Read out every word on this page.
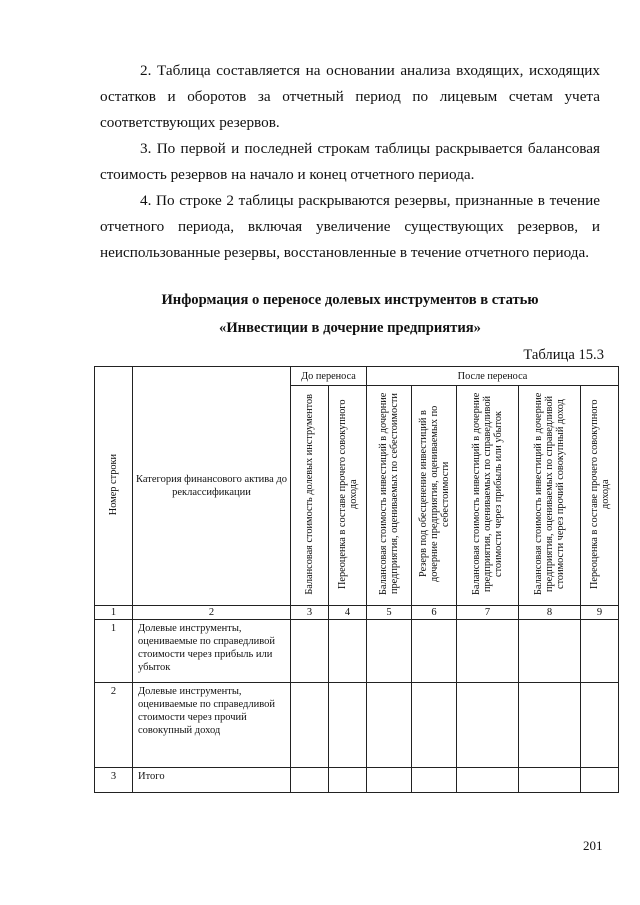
2. Таблица составляется на основании анализа входящих, исходящих остатков и оборотов за отчетный период по лицевым счетам учета соответствующих резервов.

3. По первой и последней строкам таблицы раскрывается балансовая стоимость резервов на начало и конец отчетного периода.

4. По строке 2 таблицы раскрываются резервы, признанные в течение отчетного периода, включая увеличение существующих резервов, и неиспользованные резервы, восстановленные в течение отчетного периода.

Информация о переносе долевых инструментов в статью

«Инвестиции в дочерние предприятия»

Таблица 15.3
Номер строки	Категория финансового актива до реклассификации	До переноса		После переноса				
		Балансовая стоимость долевых инструментов	Переоценка в составе прочего совокупного дохода	Балансовая стоимость инвестиций в дочерние предприятия, оцениваемых по себестоимости	Резерв под обесценение инвестиций в дочерние предприятия, оцениваемых по себестоимости	Балансовая стоимость инвестиций в дочерние предприятия, оцениваемых по справедливой стоимости через прибыль или убыток	Балансовая стоимость инвестиций в дочерние предприятия, оцениваемых по справедливой стоимости через прочий совокупный доход	Переоценка в составе прочего совокупного дохода
1	2	3	4	5	6	7	8	9
1	Долевые инструменты, оцениваемые по справедливой стоимости через прибыль или убыток							
2	Долевые инструменты, оцениваемые по справедливой стоимости через прочий совокупный доход							
3	Итого							
201
